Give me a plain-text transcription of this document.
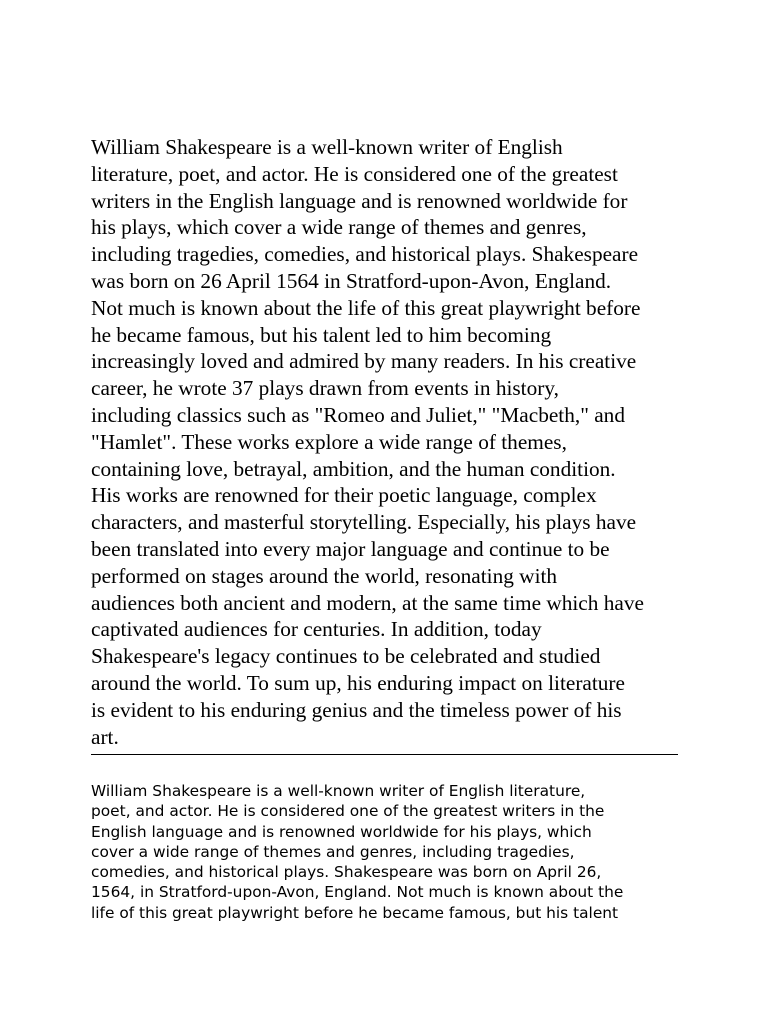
William Shakespeare is a well-known writer of English
literature, poet, and actor. He is considered one of the greatest
writers in the English language and is renowned worldwide for
his plays, which cover a wide range of themes and genres,
including tragedies, comedies, and historical plays. Shakespeare
was born on 26 April 1564 in Stratford-upon-Avon, England.
Not much is known about the life of this great playwright before
he became famous, but his talent led to him becoming
increasingly loved and admired by many readers. In his creative
career, he wrote 37 plays drawn from events in history,
including classics such as "Romeo and Juliet," "Macbeth," and
"Hamlet". These works explore a wide range of themes,
containing love, betrayal, ambition, and the human condition.
His works are renowned for their poetic language, complex
characters, and masterful storytelling. Especially, his plays have
been translated into every major language and continue to be
performed on stages around the world, resonating with
audiences both ancient and modern, at the same time which have
captivated audiences for centuries. In addition, today
Shakespeare's legacy continues to be celebrated and studied
around the world. To sum up, his enduring impact on literature
is evident to his enduring genius and the timeless power of his
art.
William Shakespeare is a well-known writer of English literature,
poet, and actor. He is considered one of the greatest writers in the
English language and is renowned worldwide for his plays, which
cover a wide range of themes and genres, including tragedies,
comedies, and historical plays. Shakespeare was born on April 26,
1564, in Stratford-upon-Avon, England. Not much is known about the
life of this great playwright before he became famous, but his talent
